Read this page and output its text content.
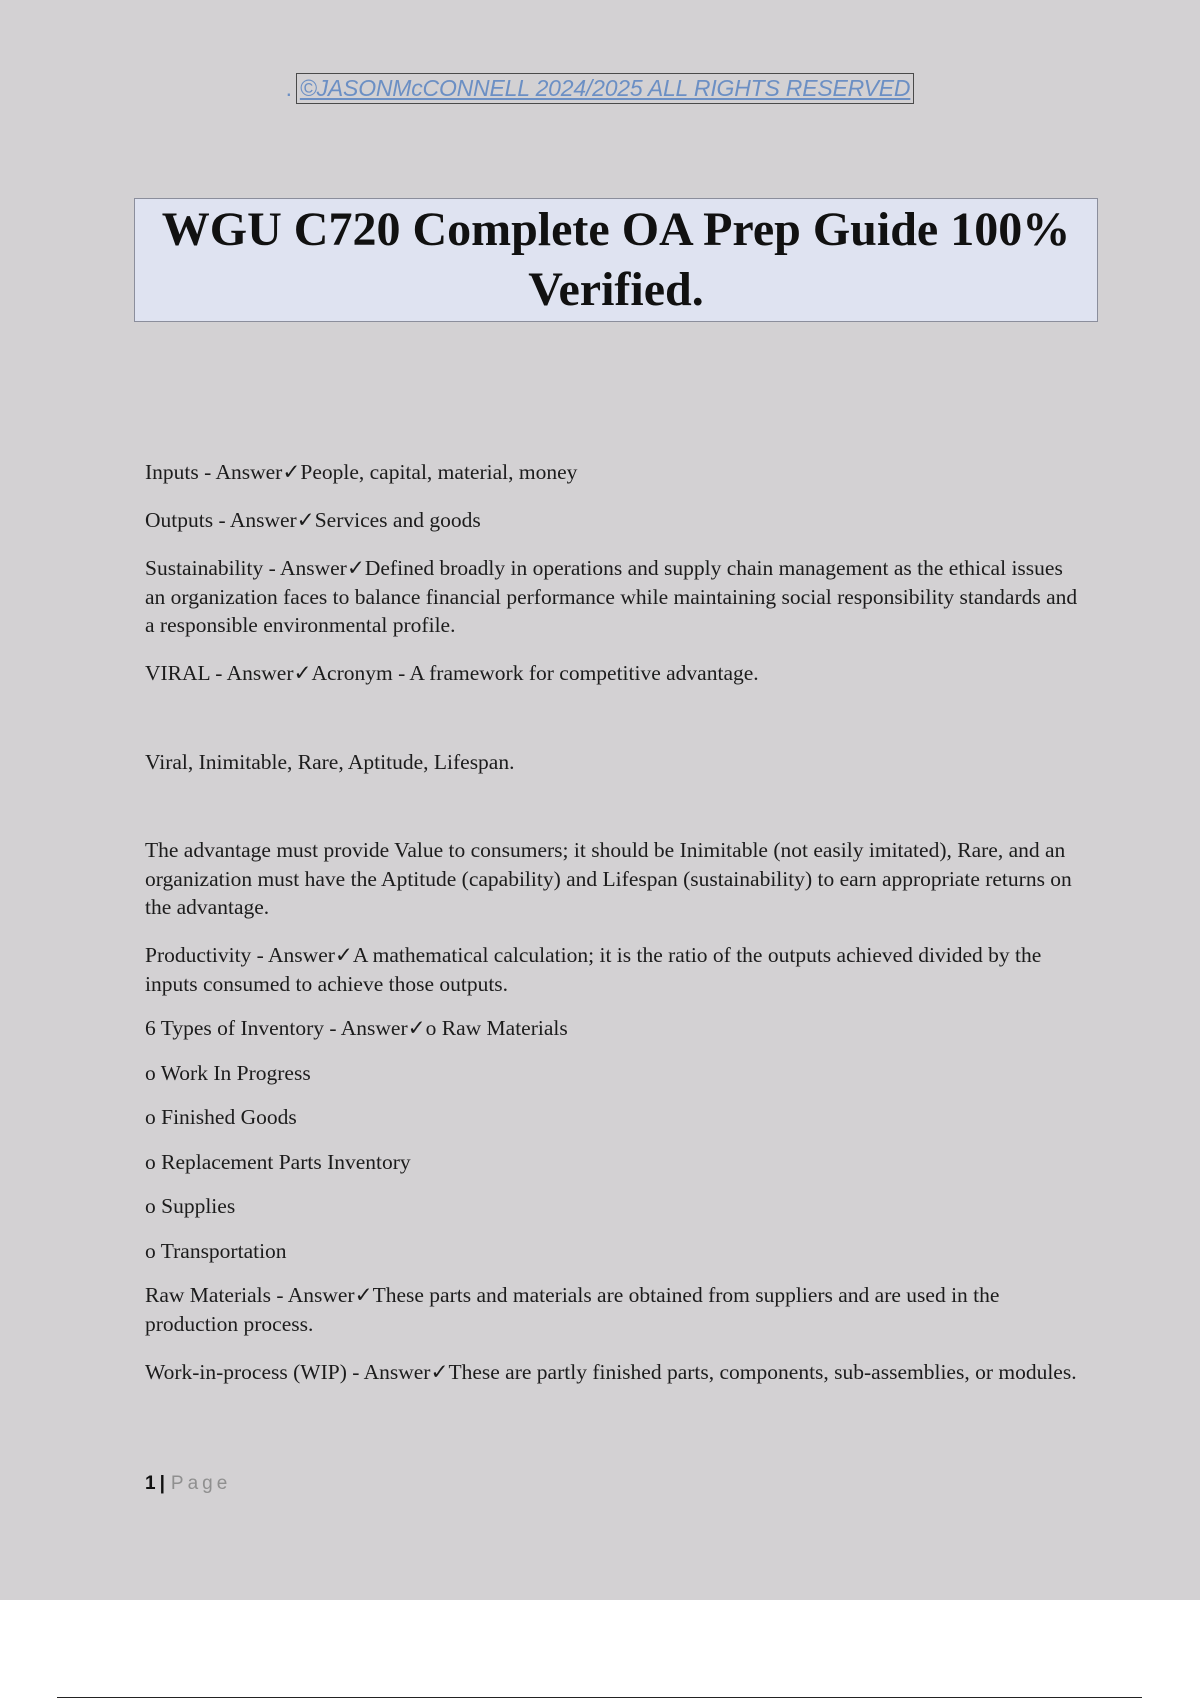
. ©JASONMcCONNELL 2024/2025 ALL RIGHTS RESERVED
WGU C720 Complete OA Prep Guide 100%
Verified.

Inputs - Answer✓People, capital, material, money

Outputs - Answer✓Services and goods

Sustainability - Answer✓Defined broadly in operations and supply chain management as the ethical issues an organization faces to balance financial performance while maintaining social responsibility standards and a responsible environmental profile.

VIRAL - Answer✓Acronym - A framework for competitive advantage.

Viral, Inimitable, Rare, Aptitude, Lifespan.

The advantage must provide Value to consumers; it should be Inimitable (not easily imitated), Rare, and an organization must have the Aptitude (capability) and Lifespan (sustainability) to earn appropriate returns on the advantage.

Productivity - Answer✓A mathematical calculation; it is the ratio of the outputs achieved divided by the inputs consumed to achieve those outputs.

6 Types of Inventory - Answer✓o Raw Materials

o Work In Progress

o Finished Goods

o Replacement Parts Inventory

o Supplies

o Transportation

Raw Materials - Answer✓These parts and materials are obtained from suppliers and are used in the production process.

Work-in-process (WIP) - Answer✓These are partly finished parts, components, sub-assemblies, or modules.

1 | Page
